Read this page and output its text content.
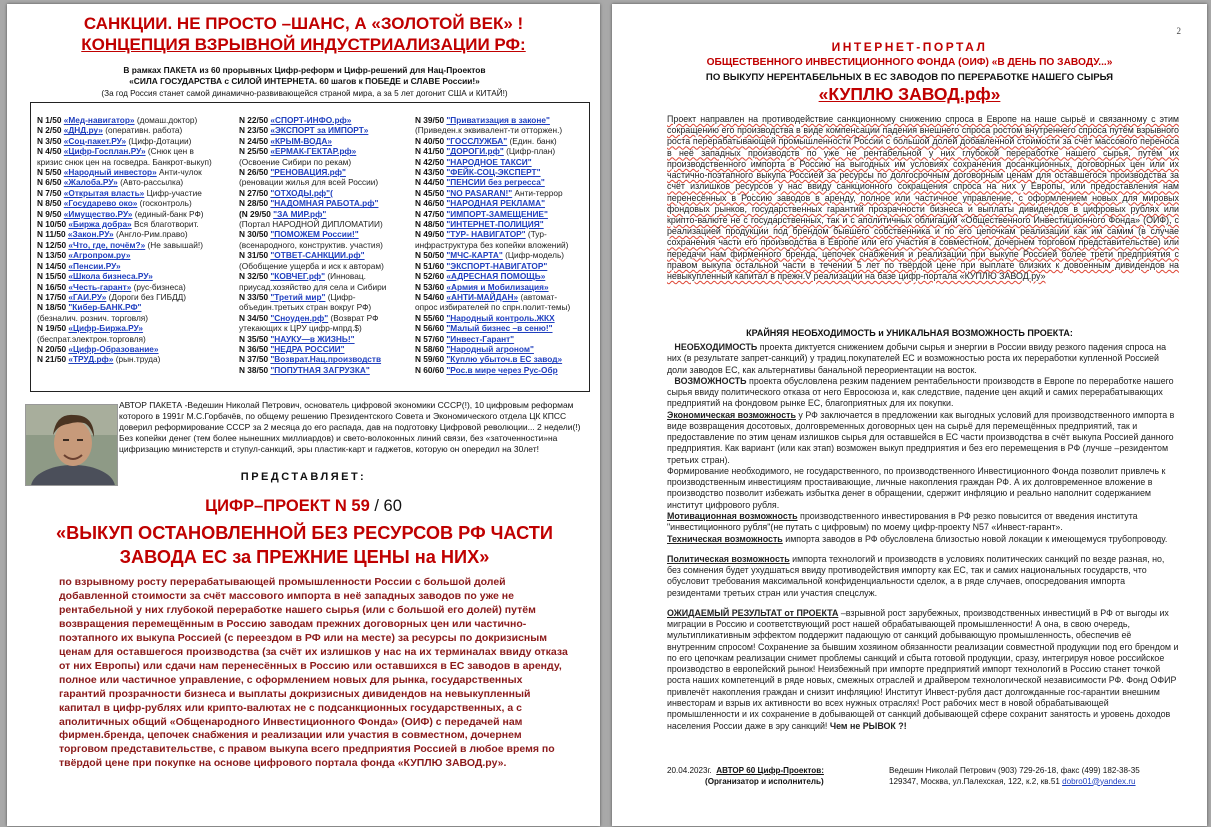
САНКЦИИ. НЕ ПРОСТО –ШАНС, А «ЗОЛОТОЙ ВЕК» !
КОНЦЕПЦИЯ ВЗРЫВНОЙ ИНДУСТРИАЛИЗАЦИИ РФ:
В рамках ПАКЕТА из 60 прорывных Цифр-реформ и Цифр-решений для Нац-Проектов
«СИЛА ГОСУДАРСТВА с СИЛОЙ ИНТЕРНЕТА. 60 шагов к ПОБЕДЕ и СЛАВЕ России!»
(За год Россия станет самой динамично-развивающейся страной мира, а за 5 лет догонит США и КИТАЙ!)
N 1/50 «Мед-навигатор» (домаш.доктор)
N 2/50 «ДНД.ру» (оперативн. работа)
N 3/50 «Соц-пакет.РУ» (Цифр-Дотации)
N 4/50 «Цифр-Госплан.РУ» (Снюк цен в
кризис снюк цен на госведра. Банкрот-выкуп)
N 5/50 «Народный инвестор» Анти-чулок
N 6/50 «Жалоба.РУ» (Авто-рассылка)
N 7/50 «Открытая власть» Цифр-участие
N 8/50 «Государево око» (госконтроль)
N 9/50 «Имущество.РУ» (единый-банк РФ)
N 10/50 «Биржа добра» Вся благотворит.
N 11/50 «Закон.РУ» (Англо-Рим.право)
N 12/50 «Что, где, почём?» (Не завышай!)
N 13/50 «Агропром.ру»
N 14/50 «Пенсии.РУ»
N 15/50 «Школа бизнеса.РУ»
N 16/50 «Честь-гарант» (рус-бизнеса)
N 17/50 «ГАИ.РУ» (Дороги без ГИБДД)
N 18/50 "Кибер-БАНК.РФ"
(безналич. рознич. торговля)
N 19/50 «Цифр-Биржа.РУ»
(беспрат.электрон.торговля)
N 20/50 «Цифр-Образование»
N 21/50 «ТРУД.рф» (рын.труда)
N 22/50 «СПОРТ-ИНФО.рф»
N 23/50 «ЭКСПОРТ за ИМПОРТ»
N 24/50 «КРЫМ-ВОДА»
N 25/50 «ЕРМАК-ГЕКТАР.рф»
(Освоение Сибири по рекам)
N 26/50 "РЕНОВАЦИЯ.рф"
(реновации жилья для всей России)
N 27/50 "ОТХОДЫ.рф"(
N 28/50 "НАДОМНАЯ РАБОТА.рф"
(N 29/50 "ЗА МИР.рф"
(Портал НАРОДНОЙ ДИПЛОМАТИИ)
N 30/50 "ПОМОЖЕМ России!"
(всенародного, конструктив. участия)
N 31/50 "ОТВЕТ-САНКЦИИ.рф"
(Обобщение ущерба и иск к авторам)
N 32/50 "КОВЧЕГ.рф" (Инновац.
приусад.хозяйство для села и Сибири
N 33/50 "Третий мир" (Цифр-
объедин.третьих стран вокруг РФ)
N 34/50 "Сноуден.рф" (Возврат РФ
утекающих к ЦРУ цифр-мпрд.$)
N 35/50 "НАУКУ—в ЖИЗНЬ!"
N 36/50 "НЕДРА РОССИИ"
N 37/50 "Возврат.Нац.производств
N 38/50 "ПОПУТНАЯ ЗАГРУЗКА"
N 39/50 "Приватизация в законе"
(Приведен.к эквивалент-ти отторжен.)
N 40/50 "ГОССЛУЖБА" (Един. банк)
N 41/50 "ДОРОГИ.рф" (Цифр-план)
N 42/50 "НАРОДНОЕ ТАКСИ"
N 43/50 "ФЕЙК-СОЦ-ЭКСПЕРТ"
N 44/50 "ПЕНСИИ без регресса"
N 45/50 "NO PASARAN!" Анти-террор
N 46/50 "НАРОДНАЯ РЕКЛАМА"
N 47/50 "ИМПОРТ-ЗАМЕЩЕНИЕ"
N 48/50 "ИНТЕРНЕТ-ПОЛИЦИЯ"
N 49/50 "ТУР- НАВИГАТОР" (Тур-
инфраструктура без копейки вложений)
N 50/50 "МЧС-КАРТА" (Цифр-модель)
N 51/60 "ЭКСПОРТ-НАВИГАТОР"
N 52/60 «АДРЕСНАЯ ПОМОЩЬ»
N 53/60 «Армия и Мобилизация»
N 54/60 «АНТИ-МАЙДАН» (автомат-
опрос избирателей по спрн.полит-темы)
N 55/60 "Народный контроль.ЖКХ
N 56/60 "Малый бизнес –в сеню!"
N 57/60 "Инвест-Гарант"
N 58/60 "Народный агроном"
N 59/60 "Куплю убыточ.в ЕС завод»
N 60/60 "Рос.в мире через Рус-Обр
АВТОР ПАКЕТА -Ведешин Николай Петрович, основатель цифровой экономики СССР(!), 10 цифровым реформам которого в 1991г М.С.Горбачёв, по общему решению Президентского Совета и Экономического отдела ЦК КПСС доверил реформирование СССР за 2 месяца до его распада, дав на подготовку Цифровой революции... 2 недели(!) Без копейки денег (тем более нынешних миллиардов) и свето-волоконных линий связи, без «заточенности»на цифризацию министерств и ступул-санкций, эры пластик-карт и гаджетов, которую он опередил на 30лет!
ПРЕДСТАВЛЯЕТ:
ЦИФР–ПРОЕКТ N 59 / 60
«ВЫКУП ОСТАНОВЛЕННОЙ БЕЗ РЕСУРСОВ РФ ЧАСТИ ЗАВОДА ЕС за ПРЕЖНИЕ ЦЕНЫ на НИХ»
по взрывному росту перерабатывающей промышленности России с большой долей добавленной стоимости за счёт массового импорта в неё западных заводов по уже не рентабельной у них глубокой переработке нашего сырья (или с большой его долей) путём возвращения перемещённым в Россию заводам прежних договорных цен или частично-поэтапного их выкупа Россией (с переездом в РФ или на месте) за ресурсы по докризисным ценам для оставшегося производства (за счёт их излишков у нас на их терминалах ввиду отказа от них Европы) или сдачи нам перенесённых в Россию или оставшихся в ЕС заводов в аренду, полное или частичное управление, с оформлением новых для рынка, государственных гарантий прозрачности бизнеса и выплаты докризисных дивидендов на невыкупленный капитал в цифр-рублях или крипто-валютах не с подсанкционных государственных, а с аполитичных общий «Общенародного Инвестиционного Фонда» (ОИФ) с передачей нам фирмен.бренда, цепочек снабжения и реализации или участия в совместном, дочернем торговом представительстве, с правом выкупа всего предприятия Россией в любое время по твёрдой цене при покупке на основе цифрового портала фонда «КУПЛЮ ЗАВОД.ру».
2
ИНТЕРНЕТ-ПОРТАЛ
ОБЩЕСТВЕННОГО ИНВЕСТИЦИОННОГО ФОНДА (ОИФ) «В ДЕНЬ ПО ЗАВОДУ...»
ПО ВЫКУПУ НЕРЕНТАБЕЛЬНЫХ В ЕС ЗАВОДОВ ПО ПЕРЕРАБОТКЕ НАШЕГО СЫРЬЯ
«КУПЛЮ ЗАВОД.рф»
Проект направлен на противодействие санкционному снижению спроса в Европе на наше сырьё и связанному с этим сокращению его производства в виде компенсации падения внешнего спроса ростом внутреннего спроса путём взрывного роста перерабатывающей промышленности России с большой долей добавленной стоимости за счёт массового переноса в неё западных производств по уже не рентабельной у них глубокой переработке нашего сырья, путём их производственного импорта в Россию на выгодных им условиях сохранения досанкционных, договорных цен или их частично-поэтапного выкупа Россией за ресурсы по долгосрочным договорным ценам для оставшегося производства за счёт излишков ресурсов у нас ввиду санкционного сокращения спроса на них у Европы, или предоставления нам перенесённых в Россию заводов в аренду, полное или частичное управление, с оформлением новых для мировых фондовых рынков, государственных гарантий прозрачности бизнеса и выплаты дивидендов в цифровых рублях или крипто-валюте не с государственных, так и с аполитичных облигаций «Общественного Инвестиционного Фонда» (ОИФ), с реализацией продукции под брендом бывшего собственника и по его цепочкам реализации как им самим (в случае сохранения части его производства в Европе или его участия в совместном, дочернем торговом представительстве) или передачи нам фирменного бренда, цепочек снабжения и реализации при выкупе Россией более трети предприятия с правом выкупа остальной части в течении 5 лет по твёрдой цене при выплате близких к довоенным дивидендов на невыкупленный капитал в прежн.V реализации на базе цифр-портала «КУПЛЮ ЗАВОД.ру»
КРАЙНЯЯ НЕОБХОДИМОСТЬ и УНИКАЛЬНАЯ ВОЗМОЖНОСТЬ ПРОЕКТА:

НЕОБХОДИМОСТЬ проекта диктуется снижением добычи сырья и энергии в России ввиду резкого падения спроса на них (в результате запрет-санкций) у традиц.покупателей ЕС и возможностью роста их переработки купленной Россией доли заводов ЕС, как альтернативы банальной переориентации на восток.

ВОЗМОЖНОСТЬ проекта обусловлена резким падением рентабельности производств в Европе по переработке нашего сырья ввиду политического отказа от него Евросоюза и, как следствие, падение цен акций и самих перерабатывающих предприятий на фондовом рынке ЕС, благоприятных для их покупки.

Экономическая возможность у РФ заключается в предложении как выгодных условий для производственного импорта в виде возвращения досотовых, долговременных договорных цен на сырьё для перемещённых предприятий, так и предоставление по этим ценам излишков сырья для оставшейся в ЕС части производства в счёт выкупа Россией данного предприятия. Как вариант (или как этап) возможен выкуп предприятия и без его перемещения в РФ (лучше –резидентом третьих стран).

Формирование необходимого, не государственного, по производственного Инвестиционного Фонда позволит привлечь к производственным инвестициям простаивающие, личные накопления граждан РФ. А их долговременное вложение в производство позволит избежать избытка денег в обращении, сдержит инфляцию и реально наполнит содержанием институт цифрового рубля.

Мотивационная возможность производственного инвестирования в РФ резко повысится от введения института "инвестиционного рубля"(не путать с цифровым) по моему цифр-проекту N57 «Инвест-гарант».

Техническая возможность импорта заводов в РФ обусловлена близостью новой локации к имеющемуся трубопроводу.

Политическая возможность импорта технологий и производств в условиях политических санкций по везде разная, но, без сомнения будет ухудшаться ввиду противодействия импорту как ЕС, так и самих национальных государств, что обусловит требования максимальной конфиденциальности сделок, а в ряде случаев, опосредования импорта резидентами третьих стран или участия спецслуж.

ОЖИДАЕМЫЙ РЕЗУЛЬТАТ от ПРОЕКТА –взрывной рост зарубежных, производственных инвестиций в РФ от выгоды их миграции в Россию и соответствующий рост нашей обрабатывающей промышленности! А она, в свою очередь, мультипликативным эффектом поддержит падающую от санкций добывающую промышленность, обеспечив её внутренним спросом! Сохранение за бывшим хозяином обязанности реализации совместной продукции под его брендом и по его цепочкам реализации снимет проблемы санкций и сбыта готовой продукции, сразу, интегрируя новое российское производство в европейский рынок! Неизбежный при импорте предприятий импорт технологий в Россию станет точкой роста наших компетенций в ряде новых, смежных отраслей и драйвером технологической независимости РФ. Фонд ОФИР привлечёт накопления граждан и снизит инфляцию! Институт Инвест-рубля даст долгожданные гос-гарантии внешним инвесторам и взрыв их активности во всех нужных отраслях! Рост рабочих мест в новой обрабатывающей промышленности и их сохранение в добывающей от санкций добывающей сфере сохранит занятость и уровень доходов населения России даже в эру санкций! Чем не РЫВОК ?!

20.04.2023г. АВТОР 60 Цифр-Проектов:
(Организатор и исполнитель)
Ведешин Николай Петрович (903) 729-26-18, факс (499) 182-38-35
129347, Москва, ул.Палехская, 122, к.2, кв.51 dobro01@yandex.ru
